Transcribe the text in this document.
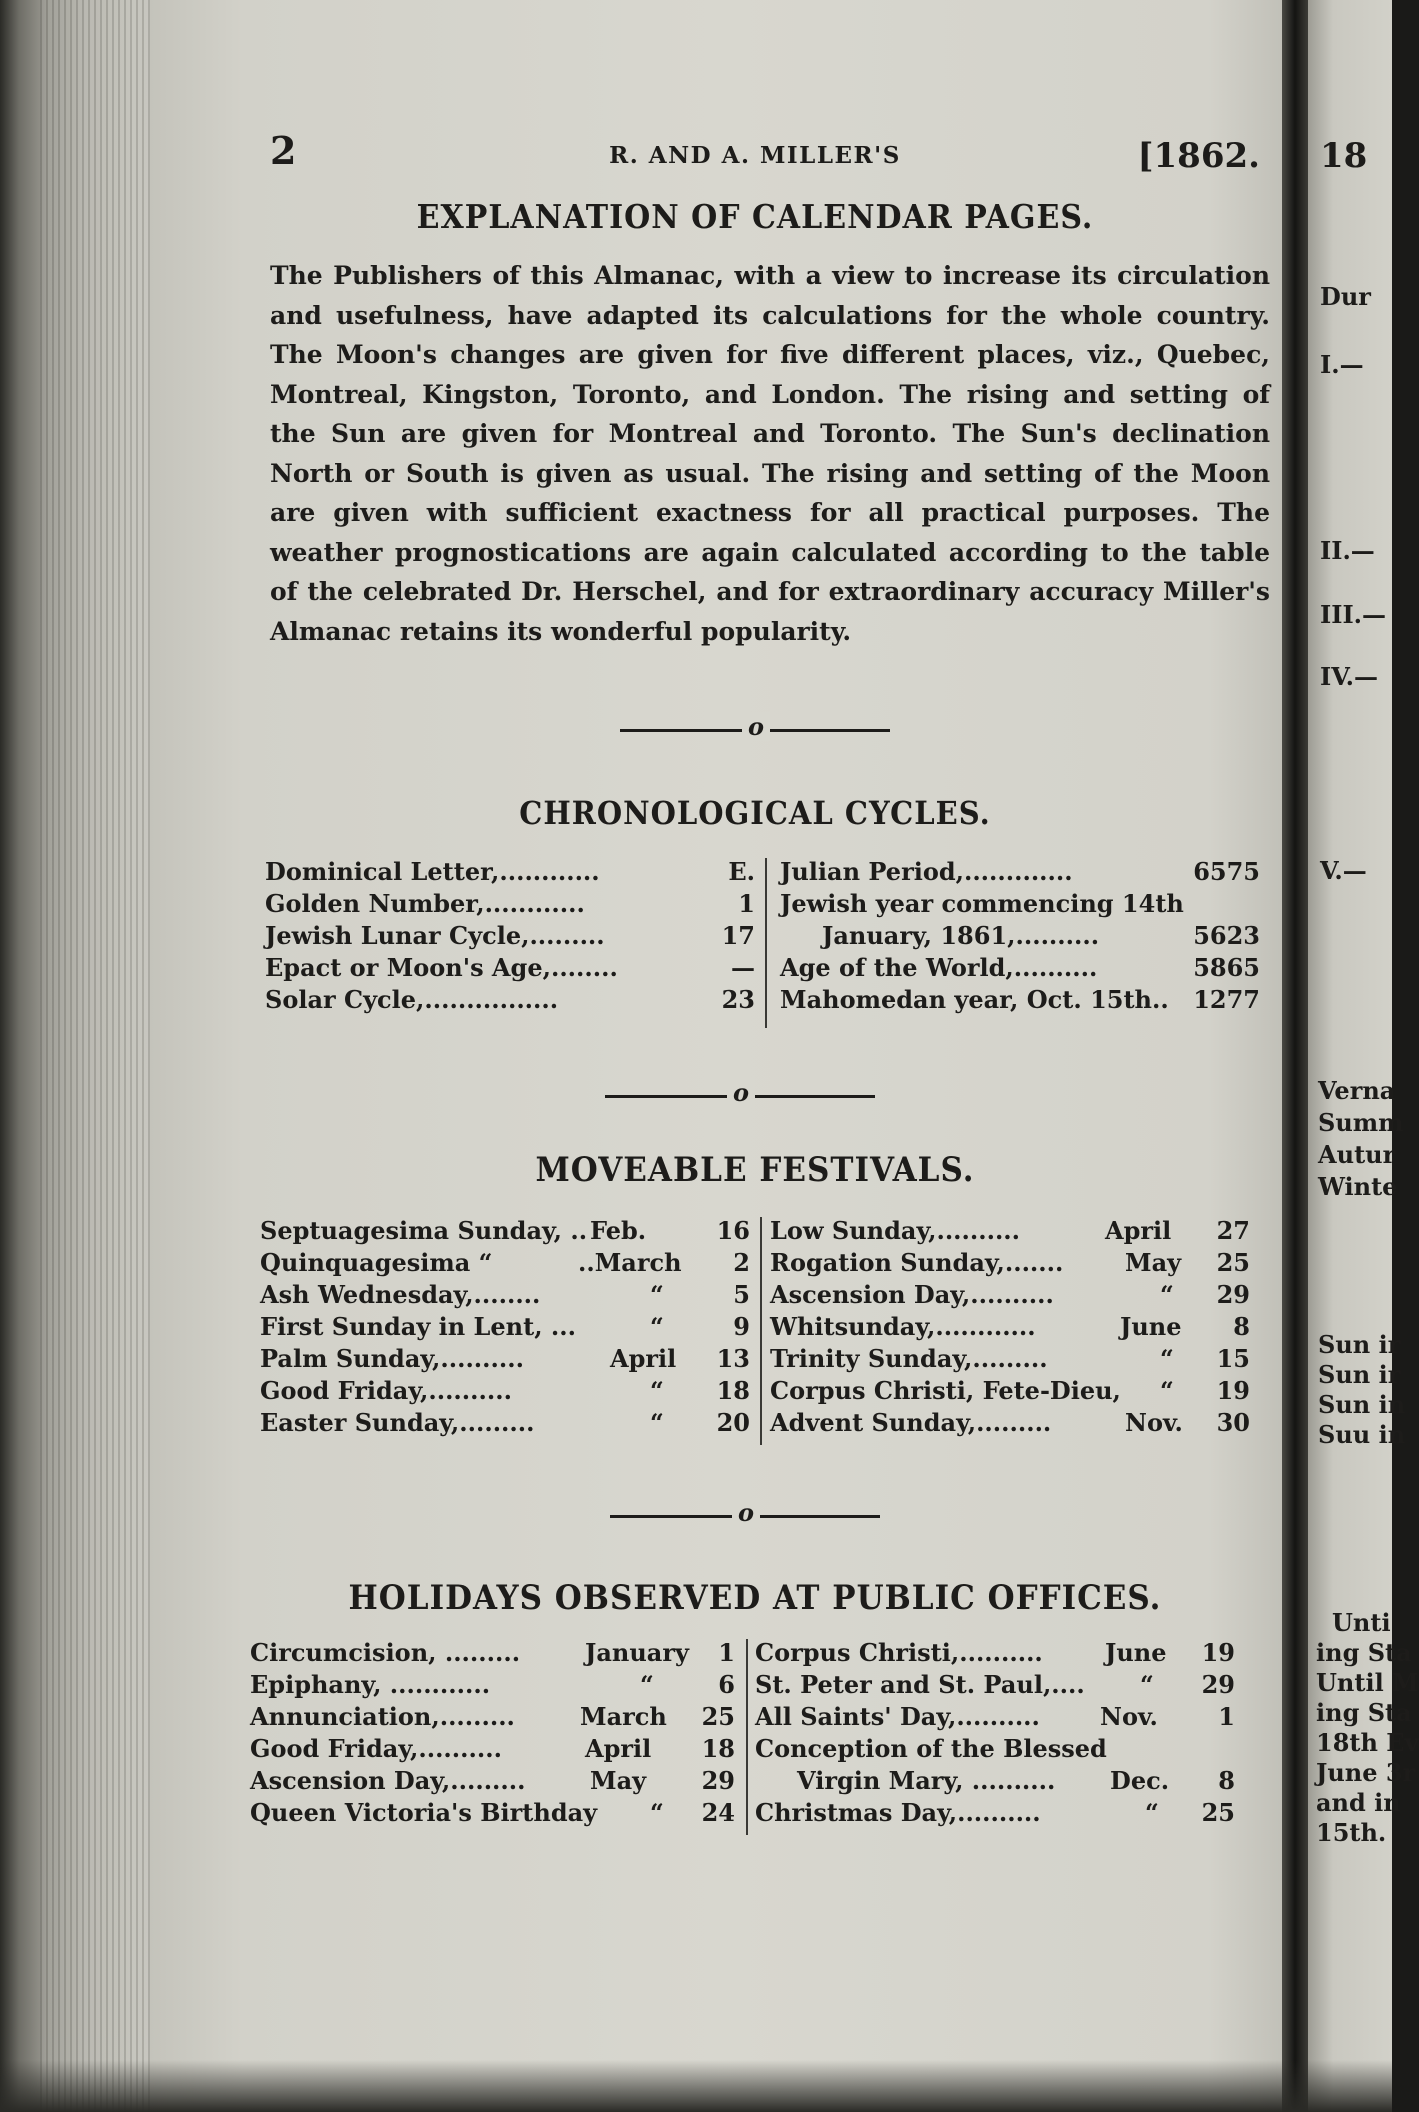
18
Dur
I.—
II.—
III.—
IV.—
V.—
Verna
Summ
Autur
Winte
Sun ir
Sun ir
Sun in
Suu in
Unti
ing Sta
Until M
ing Sta
18th Ev
June 3r
and in
15th.
2	R. AND A. MILLER'S	[1862.
EXPLANATION OF CALENDAR PAGES.

The Publishers of this Almanac, with a view to increase its circulation and usefulness, have adapted its calculations for the whole country. The Moon's changes are given for five different places, viz., Quebec, Montreal, Kingston, Toronto, and London. The rising and setting of the Sun are given for Montreal and Toronto. The Sun's declination North or South is given as usual. The rising and setting of the Moon are given with sufficient exactness for all practical purposes. The weather prognostications are again calculated according to the table of the celebrated Dr. Herschel, and for extraordinary accuracy Miller's Almanac retains its wonderful popularity.

o
CHRONOLOGICAL CYCLES.
Dominical Letter,............	E.
Golden Number,............	1
Jewish Lunar Cycle,.........	17
Epact or Moon's Age,........	—
Solar Cycle,................	23
Julian Period,.............	6575
Jewish year commencing 14th
January, 1861,..........	5623
Age of the World,..........	5865
Mahomedan year, Oct. 15th..	1277
o
MOVEABLE FESTIVALS.
Septuagesima Sunday, .. Feb.	16
Quinquagesima “	..March	2
Ash Wednesday,........	“	5
First Sunday in Lent, ...	“	9
Palm Sunday,..........	April	13
Good Friday,..........	“	18
Easter Sunday,.........	“	20
Low Sunday,..........	April	27
Rogation Sunday,.......	May	25
Ascension Day,..........	“	29
Whitsunday,............	June	8
Trinity Sunday,.........	“	15
Corpus Christi, Fete-Dieu, “	19
Advent Sunday,.........	Nov.	30
o
HOLIDAYS OBSERVED AT PUBLIC OFFICES.
Circumcision, .........	January	1
Epiphany, ............	“	6
Annunciation,.........	March	25
Good Friday,..........	April	18
Ascension Day,.........	May	29
Queen Victoria's Birthday “	24
Corpus Christi,..........	June	19
St. Peter and St. Paul,.... “	29
All Saints' Day,..........	Nov.	1
Conception of the Blessed
Virgin Mary, .......... Dec.	8
Christmas Day,..........	“	25
